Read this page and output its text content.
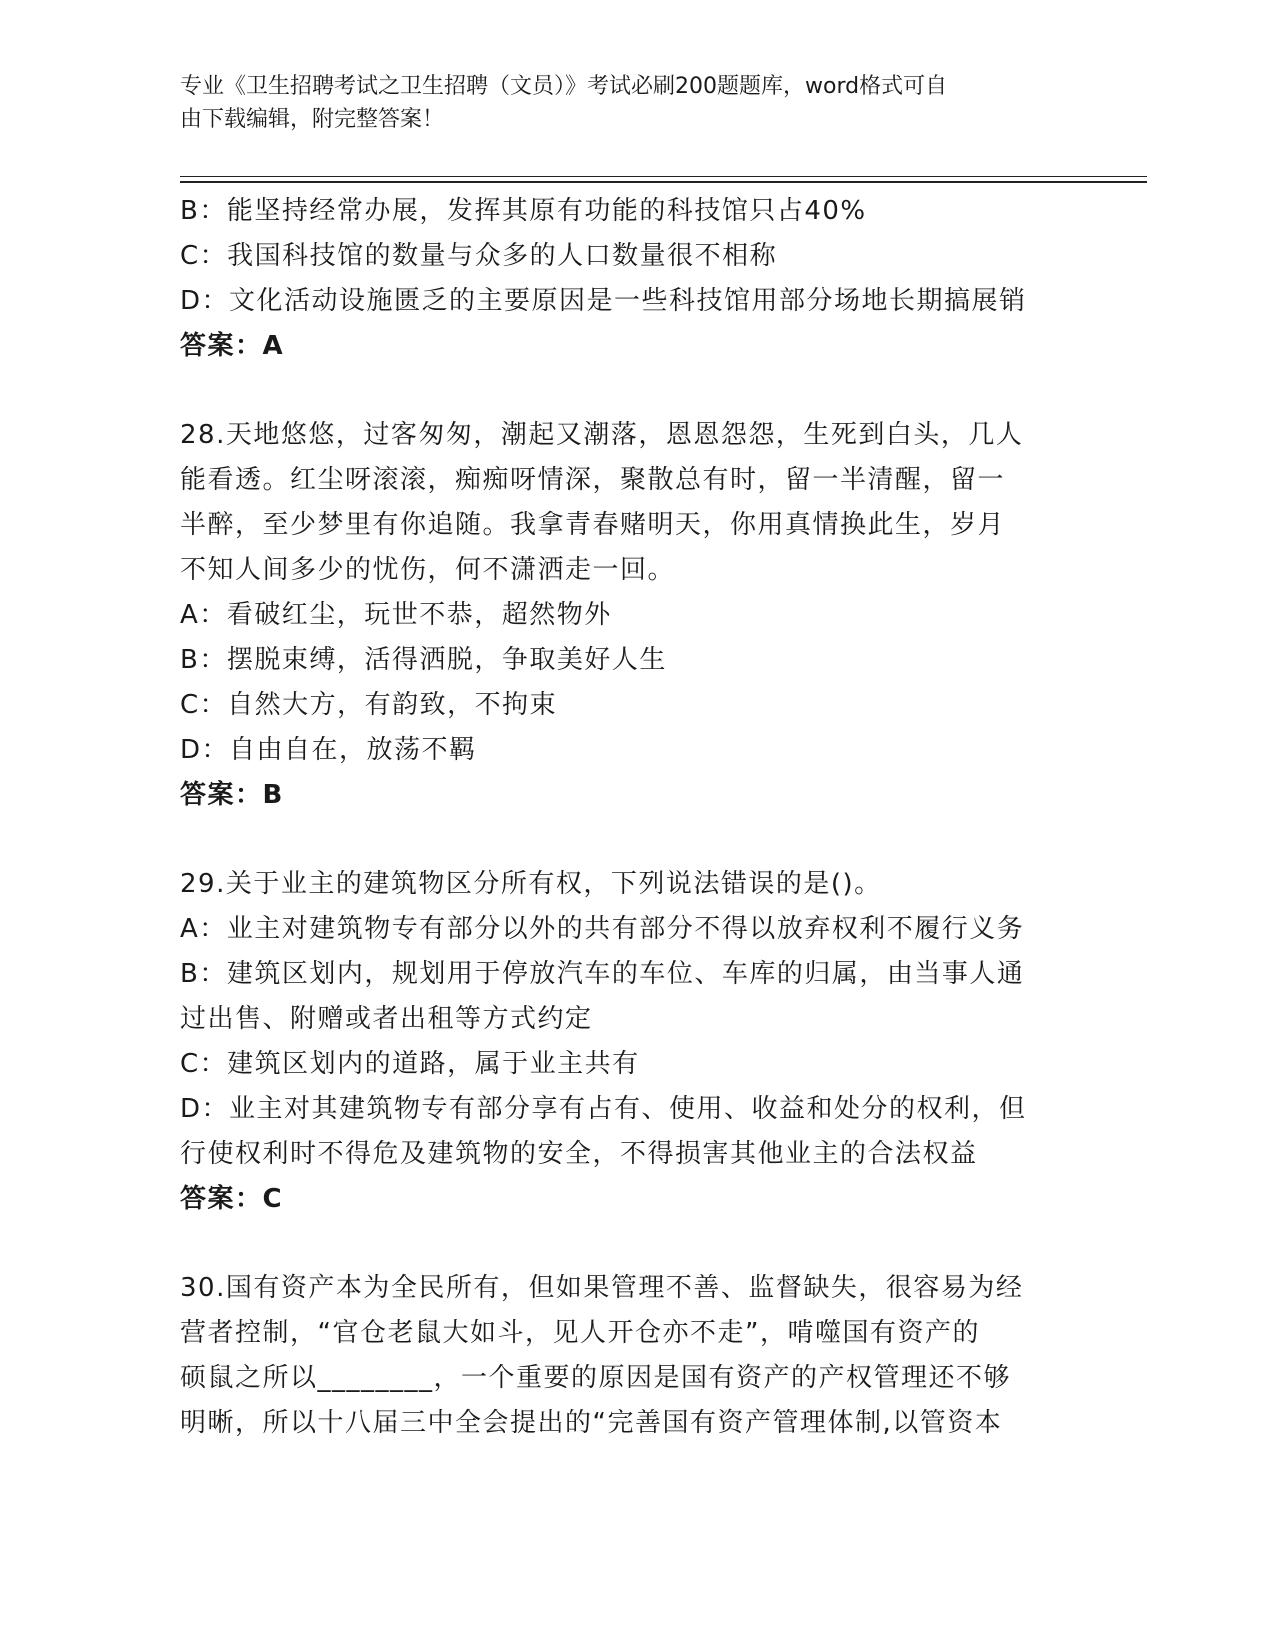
专业《卫生招聘考试之卫生招聘（文员）》考试必刷200题题库，word格式可自
由下载编辑，附完整答案！
B：能坚持经常办展，发挥其原有功能的科技馆只占40%
C：我国科技馆的数量与众多的人口数量很不相称
D：文化活动设施匮乏的主要原因是一些科技馆用部分场地长期搞展销
答案：A
28.天地悠悠，过客匆匆，潮起又潮落，恩恩怨怨，生死到白头，几人
能看透。红尘呀滚滚，痴痴呀情深，聚散总有时，留一半清醒，留一
半醉，至少梦里有你追随。我拿青春赌明天，你用真情换此生，岁月
不知人间多少的忧伤，何不潇洒走一回。
A：看破红尘，玩世不恭，超然物外
B：摆脱束缚，活得洒脱，争取美好人生
C：自然大方，有韵致，不拘束
D：自由自在，放荡不羁
答案：B
29.关于业主的建筑物区分所有权，下列说法错误的是()。
A：业主对建筑物专有部分以外的共有部分不得以放弃权利不履行义务
B：建筑区划内，规划用于停放汽车的车位、车库的归属，由当事人通
过出售、附赠或者出租等方式约定
C：建筑区划内的道路，属于业主共有
D：业主对其建筑物专有部分享有占有、使用、收益和处分的权利，但
行使权利时不得危及建筑物的安全，不得损害其他业主的合法权益
答案：C
30.国有资产本为全民所有，但如果管理不善、监督缺失，很容易为经
营者控制，“官仓老鼠大如斗，见人开仓亦不走”，啃噬国有资产的
硕鼠之所以________，一个重要的原因是国有资产的产权管理还不够
明晰，所以十八届三中全会提出的“完善国有资产管理体制,以管资本
